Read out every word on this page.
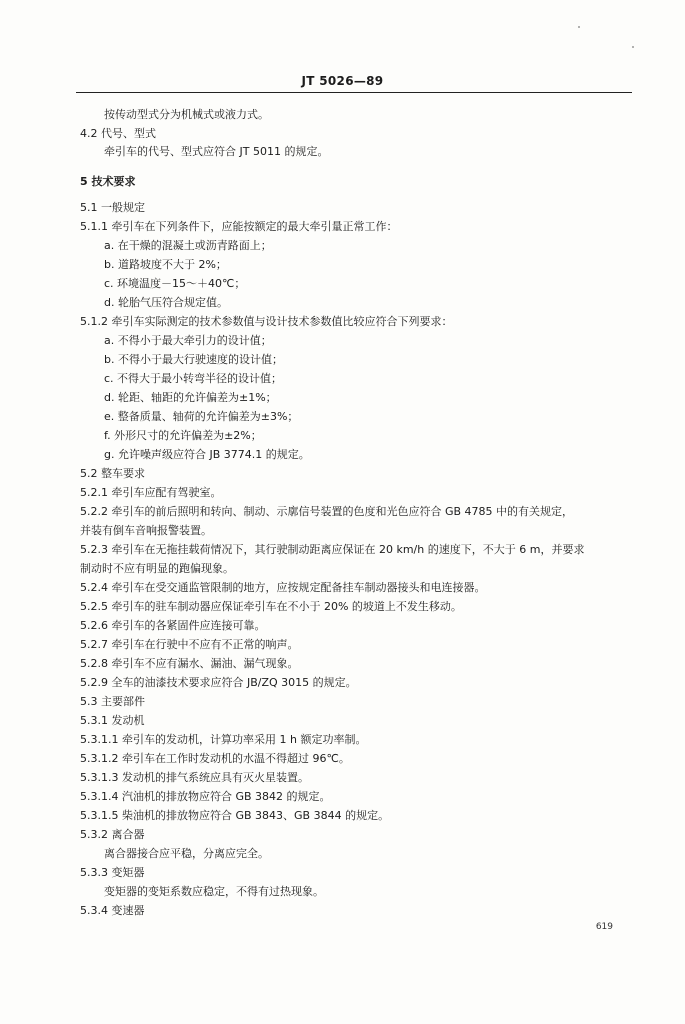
JT 5026—89
按传动型式分为机械式或液力式。
4.2 代号、型式
牵引车的代号、型式应符合 JT 5011 的规定。
5 技术要求
5.1 一般规定
5.1.1 牵引车在下列条件下，应能按额定的最大牵引量正常工作：
a. 在干燥的混凝土或沥青路面上；
b. 道路坡度不大于 2%；
c. 环境温度－15～＋40℃；
d. 轮胎气压符合规定值。
5.1.2 牵引车实际测定的技术参数值与设计技术参数值比较应符合下列要求：
a. 不得小于最大牵引力的设计值；
b. 不得小于最大行驶速度的设计值；
c. 不得大于最小转弯半径的设计值；
d. 轮距、轴距的允许偏差为±1%；
e. 整备质量、轴荷的允许偏差为±3%；
f. 外形尺寸的允许偏差为±2%；
g. 允许噪声级应符合 JB 3774.1 的规定。
5.2 整车要求
5.2.1 牵引车应配有驾驶室。
5.2.2 牵引车的前后照明和转向、制动、示廓信号装置的色度和光色应符合 GB 4785 中的有关规定，
并装有倒车音响报警装置。
5.2.3 牵引车在无拖挂载荷情况下，其行驶制动距离应保证在 20 km/h 的速度下，不大于 6 m，并要求
制动时不应有明显的跑偏现象。
5.2.4 牵引车在受交通监管限制的地方，应按规定配备挂车制动器接头和电连接器。
5.2.5 牵引车的驻车制动器应保证牵引车在不小于 20% 的坡道上不发生移动。
5.2.6 牵引车的各紧固件应连接可靠。
5.2.7 牵引车在行驶中不应有不正常的响声。
5.2.8 牵引车不应有漏水、漏油、漏气现象。
5.2.9 全车的油漆技术要求应符合 JB/ZQ 3015 的规定。
5.3 主要部件
5.3.1 发动机
5.3.1.1 牵引车的发动机，计算功率采用 1 h 额定功率制。
5.3.1.2 牵引车在工作时发动机的水温不得超过 96℃。
5.3.1.3 发动机的排气系统应具有灭火星装置。
5.3.1.4 汽油机的排放物应符合 GB 3842 的规定。
5.3.1.5 柴油机的排放物应符合 GB 3843、GB 3844 的规定。
5.3.2 离合器
离合器接合应平稳，分离应完全。
5.3.3 变矩器
变矩器的变矩系数应稳定，不得有过热现象。
5.3.4 变速器
619
